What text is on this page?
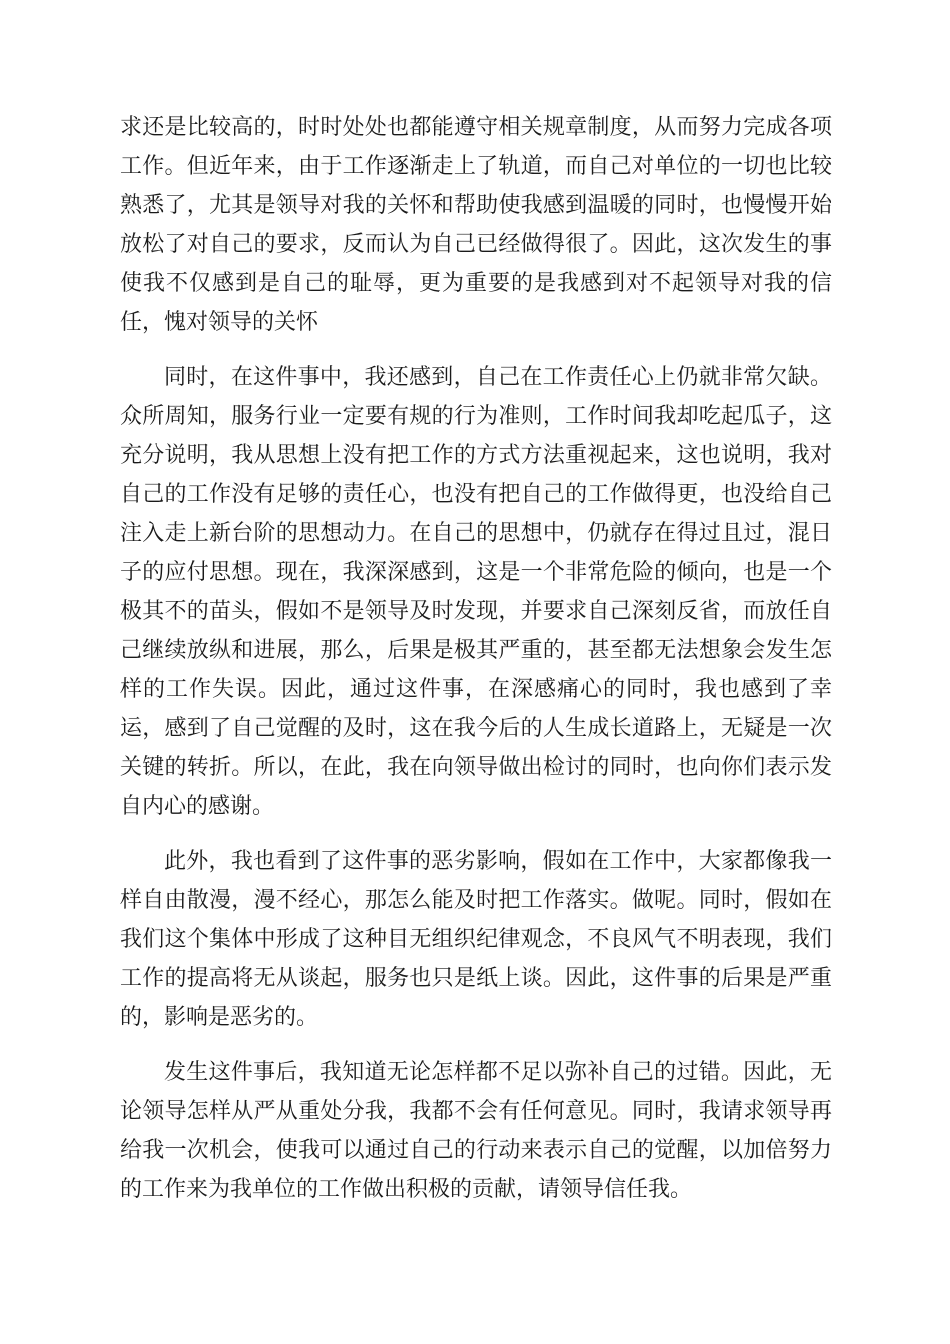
求还是比较高的，时时处处也都能遵守相关规章制度，从而努力完成各项工作。但近年来，由于工作逐渐走上了轨道，而自己对单位的一切也比较熟悉了，尤其是领导对我的关怀和帮助使我感到温暖的同时，也慢慢开始放松了对自己的要求，反而认为自己已经做得很了。因此，这次发生的事使我不仅感到是自己的耻辱，更为重要的是我感到对不起领导对我的信任，愧对领导的关怀

同时，在这件事中，我还感到，自己在工作责任心上仍就非常欠缺。众所周知，服务行业一定要有规的行为准则，工作时间我却吃起瓜子，这充分说明，我从思想上没有把工作的方式方法重视起来，这也说明，我对自己的工作没有足够的责任心，也没有把自己的工作做得更，也没给自己注入走上新台阶的思想动力。在自己的思想中，仍就存在得过且过，混日子的应付思想。现在，我深深感到，这是一个非常危险的倾向，也是一个极其不的苗头，假如不是领导及时发现，并要求自己深刻反省，而放任自己继续放纵和进展，那么，后果是极其严重的，甚至都无法想象会发生怎样的工作失误。因此，通过这件事，在深感痛心的同时，我也感到了幸运，感到了自己觉醒的及时，这在我今后的人生成长道路上，无疑是一次关键的转折。所以，在此，我在向领导做出检讨的同时，也向你们表示发自内心的感谢。

此外，我也看到了这件事的恶劣影响，假如在工作中，大家都像我一样自由散漫，漫不经心，那怎么能及时把工作落实。做呢。同时，假如在我们这个集体中形成了这种目无组织纪律观念，不良风气不明表现，我们工作的提高将无从谈起，服务也只是纸上谈。因此，这件事的后果是严重的，影响是恶劣的。

发生这件事后，我知道无论怎样都不足以弥补自己的过错。因此，无论领导怎样从严从重处分我，我都不会有任何意见。同时，我请求领导再给我一次机会，使我可以通过自己的行动来表示自己的觉醒，以加倍努力的工作来为我单位的工作做出积极的贡献，请领导信任我。
